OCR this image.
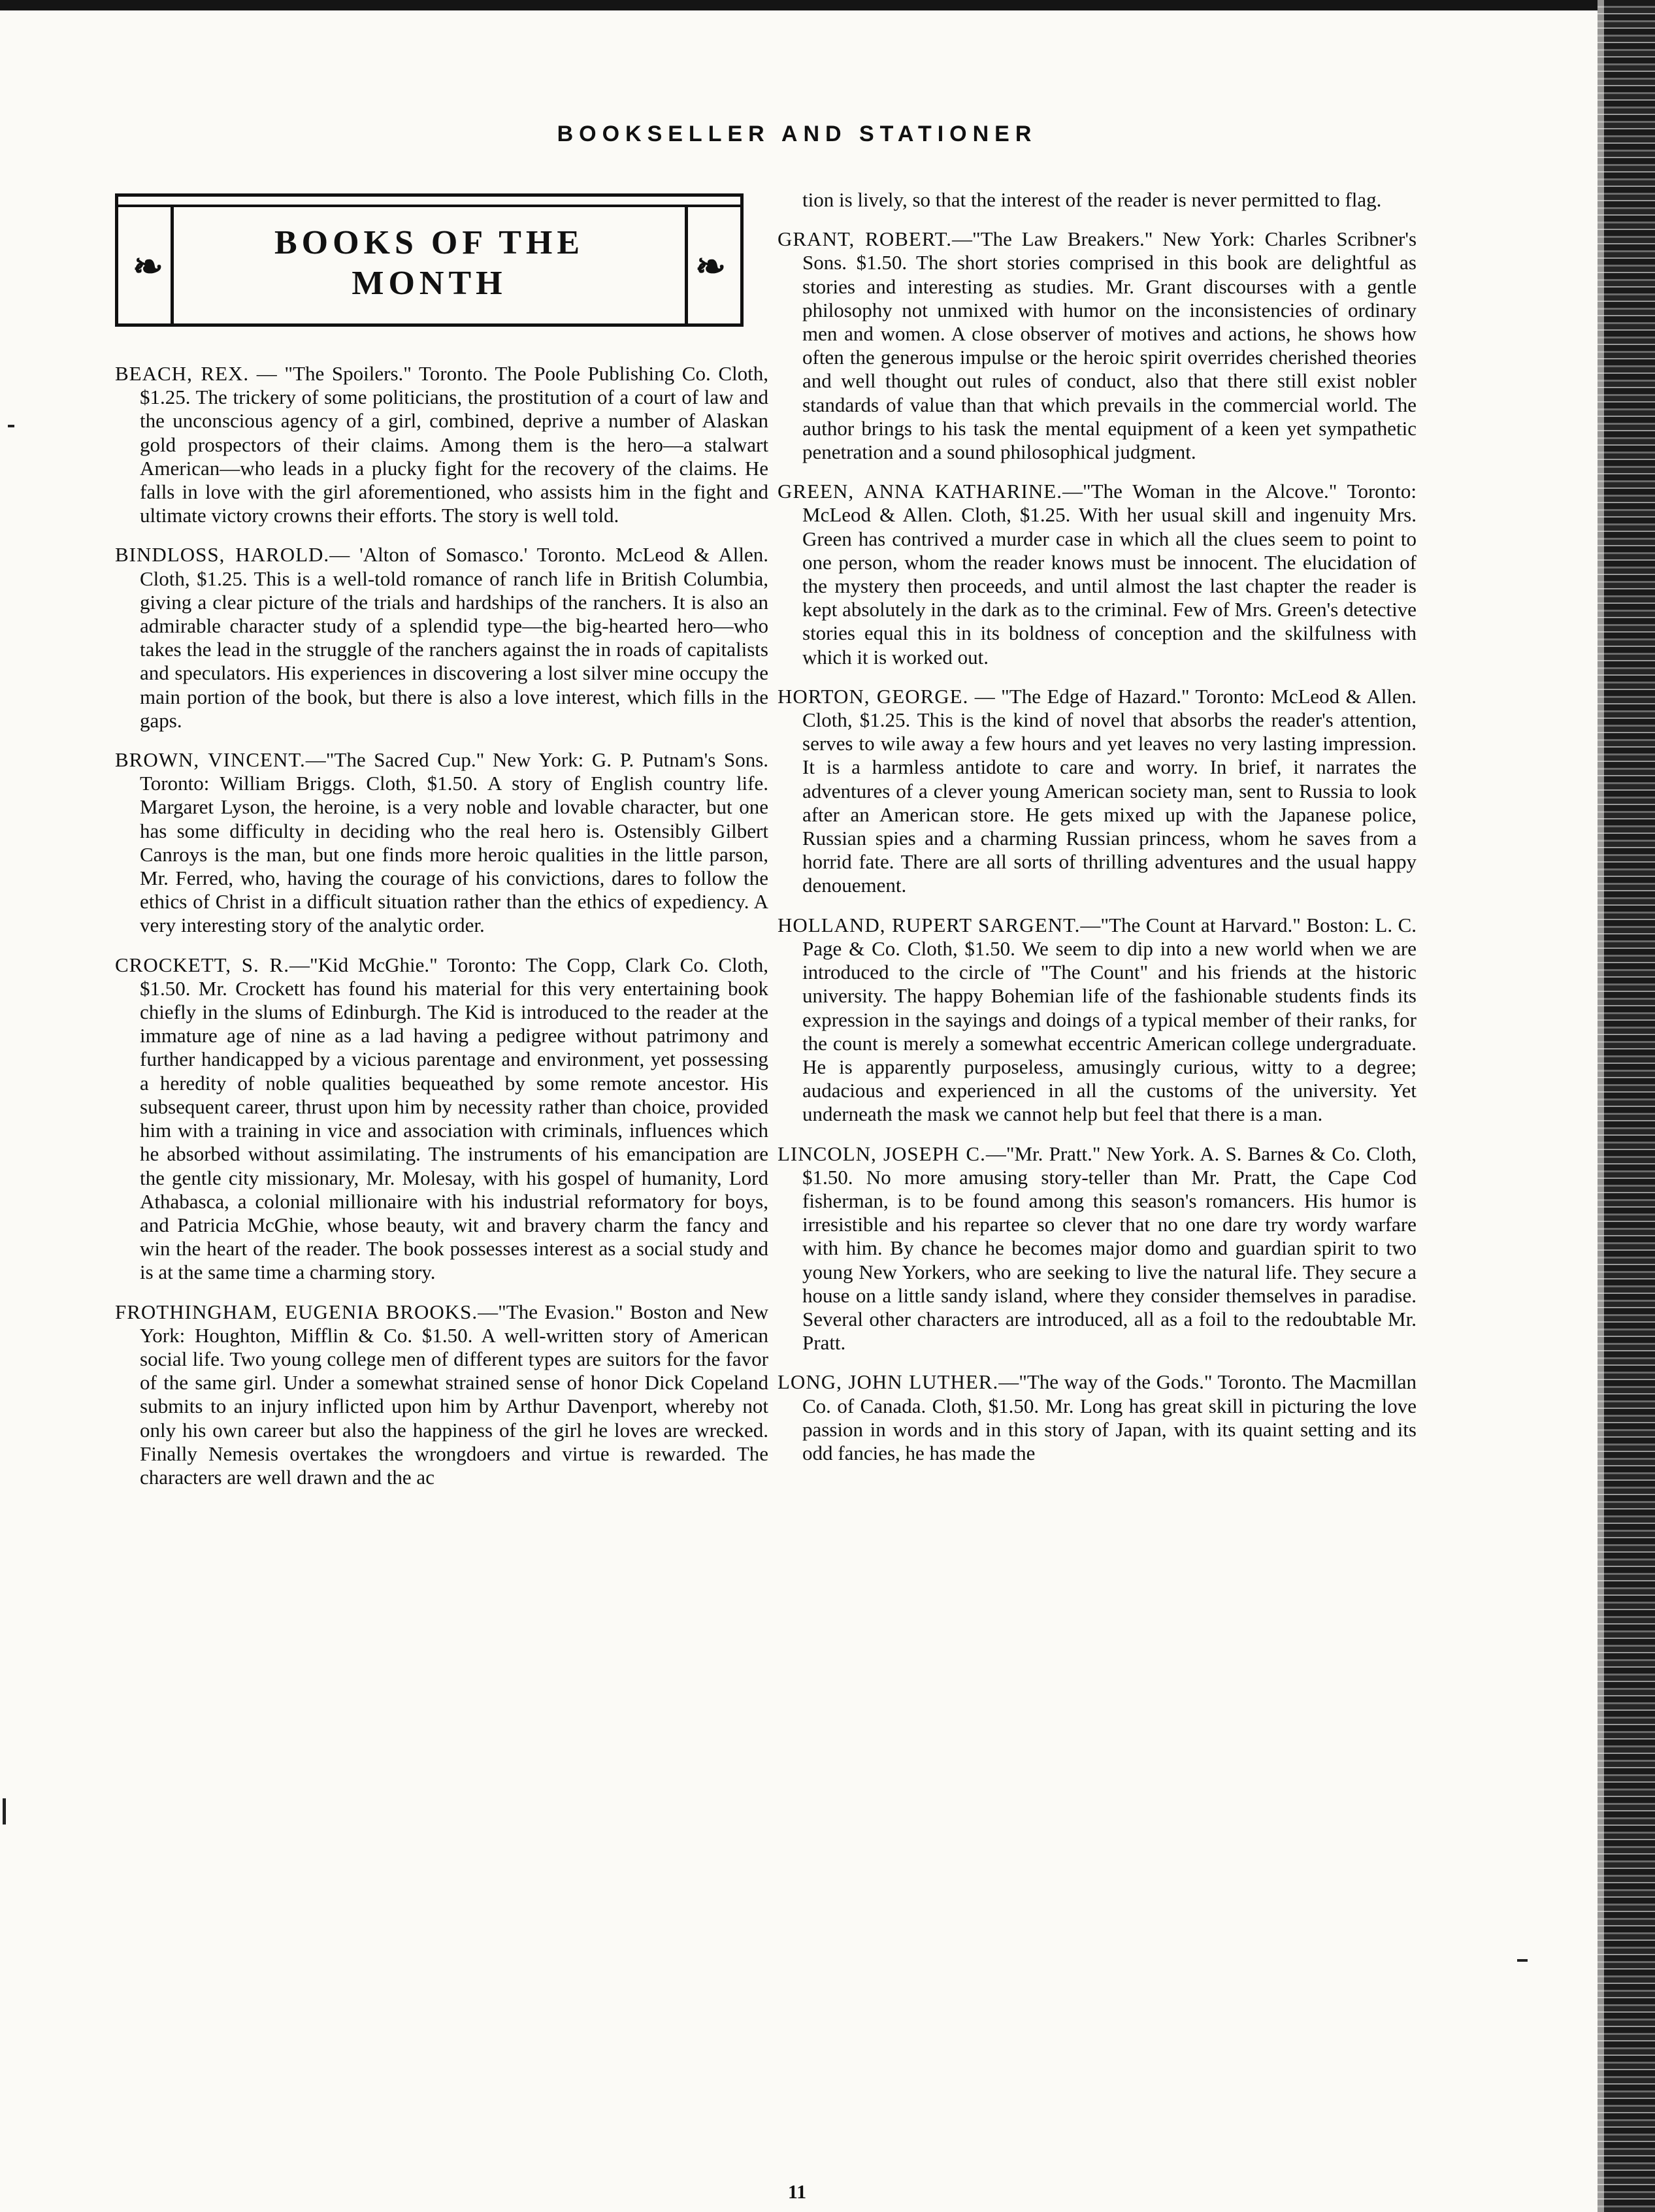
BOOKSELLER AND STATIONER
❧
BOOKS OF THE
MONTH	❧

BEACH, REX. — "The Spoilers." Toronto. The Poole Publishing Co. Cloth, $1.25. The trickery of some politicians, the prostitution of a court of law and the unconscious agency of a girl, combined, deprive a number of Alaskan gold prospectors of their claims. Among them is the hero—a stalwart American—who leads in a plucky fight for the recovery of the claims. He falls in love with the girl aforementioned, who assists him in the fight and ultimate victory crowns their efforts. The story is well told.

BINDLOSS, HAROLD.— 'Alton of Somasco.' Toronto. McLeod & Allen. Cloth, $1.25. This is a well-told romance of ranch life in British Columbia, giving a clear picture of the trials and hardships of the ranchers. It is also an admirable character study of a splendid type—the big-hearted hero—who takes the lead in the struggle of the ranchers against the in roads of capitalists and speculators. His experiences in discovering a lost silver mine occupy the main portion of the book, but there is also a love interest, which fills in the gaps.

BROWN, VINCENT.—"The Sacred Cup." New York: G. P. Putnam's Sons. Toronto: William Briggs. Cloth, $1.50. A story of English country life. Margaret Lyson, the heroine, is a very noble and lovable character, but one has some difficulty in deciding who the real hero is. Ostensibly Gilbert Canroys is the man, but one finds more heroic qualities in the little parson, Mr. Ferred, who, having the courage of his convictions, dares to follow the ethics of Christ in a difficult situation rather than the ethics of expediency. A very interesting story of the analytic order.

CROCKETT, S. R.—"Kid McGhie." Toronto: The Copp, Clark Co. Cloth, $1.50. Mr. Crockett has found his material for this very entertaining book chiefly in the slums of Edinburgh. The Kid is introduced to the reader at the immature age of nine as a lad having a pedigree without patrimony and further handicapped by a vicious parentage and environment, yet possessing a heredity of noble qualities bequeathed by some remote ancestor. His subsequent career, thrust upon him by necessity rather than choice, provided him with a training in vice and association with criminals, influences which he absorbed without assimilating. The instruments of his emancipation are the gentle city missionary, Mr. Molesay, with his gospel of humanity, Lord Athabasca, a colonial millionaire with his industrial reformatory for boys, and Patricia McGhie, whose beauty, wit and bravery charm the fancy and win the heart of the reader. The book possesses interest as a social study and is at the same time a charming story.

FROTHINGHAM, EUGENIA BROOKS.—"The Evasion." Boston and New York: Houghton, Mifflin & Co. $1.50. A well-written story of American social life. Two young college men of different types are suitors for the favor of the same girl. Under a somewhat strained sense of honor Dick Copeland submits to an injury inflicted upon him by Arthur Davenport, whereby not only his own career but also the happiness of the girl he loves are wrecked. Finally Nemesis overtakes the wrongdoers and virtue is rewarded. The characters are well drawn and the ac

tion is lively, so that the interest of the reader is never permitted to flag.

GRANT, ROBERT.—"The Law Breakers." New York: Charles Scribner's Sons. $1.50. The short stories comprised in this book are delightful as stories and interesting as studies. Mr. Grant discourses with a gentle philosophy not unmixed with humor on the inconsistencies of ordinary men and women. A close observer of motives and actions, he shows how often the generous impulse or the heroic spirit overrides cherished theories and well thought out rules of conduct, also that there still exist nobler standards of value than that which prevails in the commercial world. The author brings to his task the mental equipment of a keen yet sympathetic penetration and a sound philosophical judgment.

GREEN, ANNA KATHARINE.—"The Woman in the Alcove." Toronto: McLeod & Allen. Cloth, $1.25. With her usual skill and ingenuity Mrs. Green has contrived a murder case in which all the clues seem to point to one person, whom the reader knows must be innocent. The elucidation of the mystery then proceeds, and until almost the last chapter the reader is kept absolutely in the dark as to the criminal. Few of Mrs. Green's detective stories equal this in its boldness of conception and the skilfulness with which it is worked out.

HORTON, GEORGE. — "The Edge of Hazard." Toronto: McLeod & Allen. Cloth, $1.25. This is the kind of novel that absorbs the reader's attention, serves to wile away a few hours and yet leaves no very lasting impression. It is a harmless antidote to care and worry. In brief, it narrates the adventures of a clever young American society man, sent to Russia to look after an American store. He gets mixed up with the Japanese police, Russian spies and a charming Russian princess, whom he saves from a horrid fate. There are all sorts of thrilling adventures and the usual happy denouement.

HOLLAND, RUPERT SARGENT.—"The Count at Harvard." Boston: L. C. Page & Co. Cloth, $1.50. We seem to dip into a new world when we are introduced to the circle of "The Count" and his friends at the historic university. The happy Bohemian life of the fashionable students finds its expression in the sayings and doings of a typical member of their ranks, for the count is merely a somewhat eccentric American college undergraduate. He is apparently purposeless, amusingly curious, witty to a degree; audacious and experienced in all the customs of the university. Yet underneath the mask we cannot help but feel that there is a man.

LINCOLN, JOSEPH C.—"Mr. Pratt." New York. A. S. Barnes & Co. Cloth, $1.50. No more amusing story-teller than Mr. Pratt, the Cape Cod fisherman, is to be found among this season's romancers. His humor is irresistible and his repartee so clever that no one dare try wordy warfare with him. By chance he becomes major domo and guardian spirit to two young New Yorkers, who are seeking to live the natural life. They secure a house on a little sandy island, where they consider themselves in paradise. Several other characters are introduced, all as a foil to the redoubtable Mr. Pratt.

LONG, JOHN LUTHER.—"The way of the Gods." Toronto. The Macmillan Co. of Canada. Cloth, $1.50. Mr. Long has great skill in picturing the love passion in words and in this story of Japan, with its quaint setting and its odd fancies, he has made the

11
